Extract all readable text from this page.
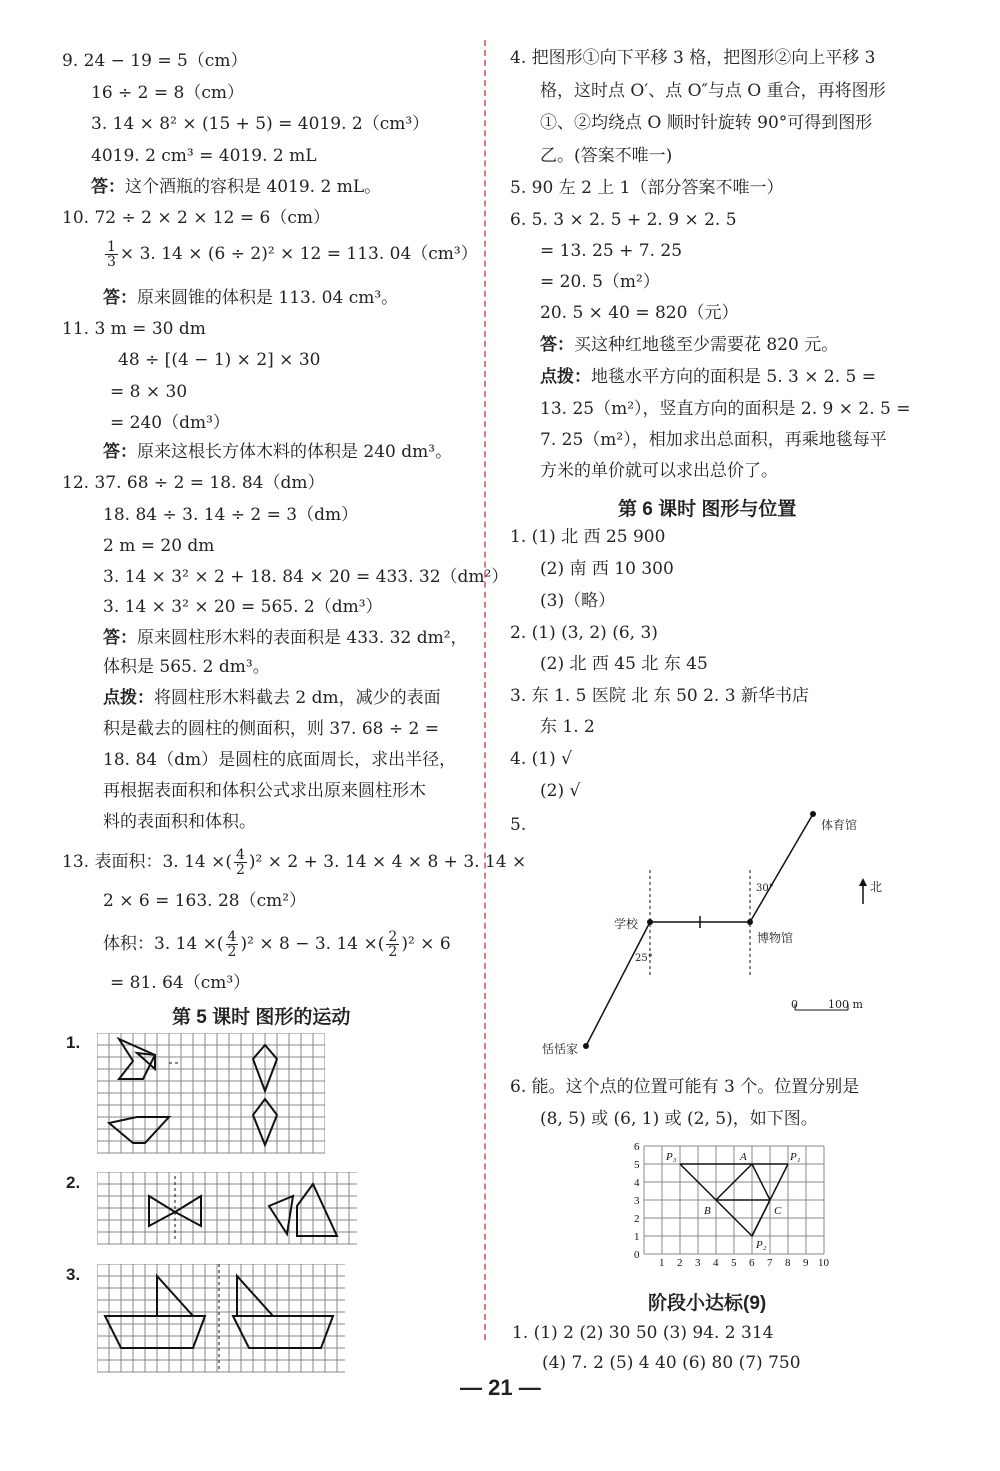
9. 24 − 19 = 5（cm）
16 ÷ 2 = 8（cm）
3. 14 × 8² × (15 + 5) = 4019. 2（cm³）
4019. 2 cm³ = 4019. 2 mL
答：这个酒瓶的容积是 4019. 2 mL。
10. 72 ÷ 2 × 2 × 12 = 6（cm）
$\frac{1}{3} \times 3$. 14 × (6 ÷ 2)² × 12 = 113. 04（cm³）
答：原来圆锥的体积是 113. 04 cm³。
11. 3 m = 30 dm
48 ÷ [(4 − 1) × 2] × 30
= 8 × 30
= 240（dm³）
答：原来这根长方体木料的体积是 240 dm³。
12. 37. 68 ÷ 2 = 18. 84（dm）
18. 84 ÷ 3. 14 ÷ 2 = 3（dm）
2 m = 20 dm
3. 14 × 3² × 2 + 18. 84 × 20 = 433. 32（dm²）
3. 14 × 3² × 20 = 565. 2（dm³）
答：原来圆柱形木料的表面积是 433. 32 dm²，
体积是 565. 2 dm³。
点拨：将圆柱形木料截去 2 dm，减少的表面
积是截去的圆柱的侧面积，则 37. 68 ÷ 2 =
18. 84（dm）是圆柱的底面周长，求出半径，
再根据表面积和体积公式求出原来圆柱形木
料的表面积和体积。
13. 表面积：3. 14 ×( $\frac{4}{2} )^2 \times 2 + 3$. 14 × 4 × 8 + 3. 14 ×
2 × 6 = 163. 28（cm²）
体积：3. 14 ×( $\frac{4}{2} )^2 \times 8 - 3$. 14 ×( $\frac{2}{2} )^2 \times 6$
= 81. 64（cm³）
第 5 课时 图形的运动
1.
2.
3.
4. 把图形①向下平移 3 格，把图形②向上平移 3
格，这时点 O′、点 O″与点 O 重合，再将图形
①、②均绕点 O 顺时针旋转 90°可得到图形
乙。(答案不唯一)
5. 90 左 2 上 1（部分答案不唯一）
6. 5. 3 × 2. 5 + 2. 9 × 2. 5
= 13. 25 + 7. 25
= 20. 5（m²）
20. 5 × 40 = 820（元）
答：买这种红地毯至少需要花 820 元。
点拨：地毯水平方向的面积是 5. 3 × 2. 5 =
13. 25（m²），竖直方向的面积是 2. 9 × 2. 5 =
7. 25（m²），相加求出总面积，再乘地毯每平
方米的单价就可以求出总价了。
第 6 课时 图形与位置
1. (1) 北 西 25 900
(2) 南 西 10 300
(3)（略）
2. (1) (3, 2) (6, 3)
(2) 北 西 45 北 东 45
3. 东 1. 5 医院 北 东 50 2. 3 新华书店
东 1. 2
4. (1) √
(2) √
5.	体育馆
北
30°
学校
博物馆
25°
0	100 m
恬恬家
6. 能。这个点的位置可能有 3 个。位置分别是
(8, 5) 或 (6, 1) 或 (2, 5)，如下图。
0
1
2
3
4
5
6
1 2 3 4 5 6 7 8 9 10
P₃	A	P₁
B	C
P₂
阶段小达标(9)
1. (1) 2 (2) 30 50 (3) 94. 2 314
(4) 7. 2 (5) 4 40 (6) 80 (7) 750
— 21 —
